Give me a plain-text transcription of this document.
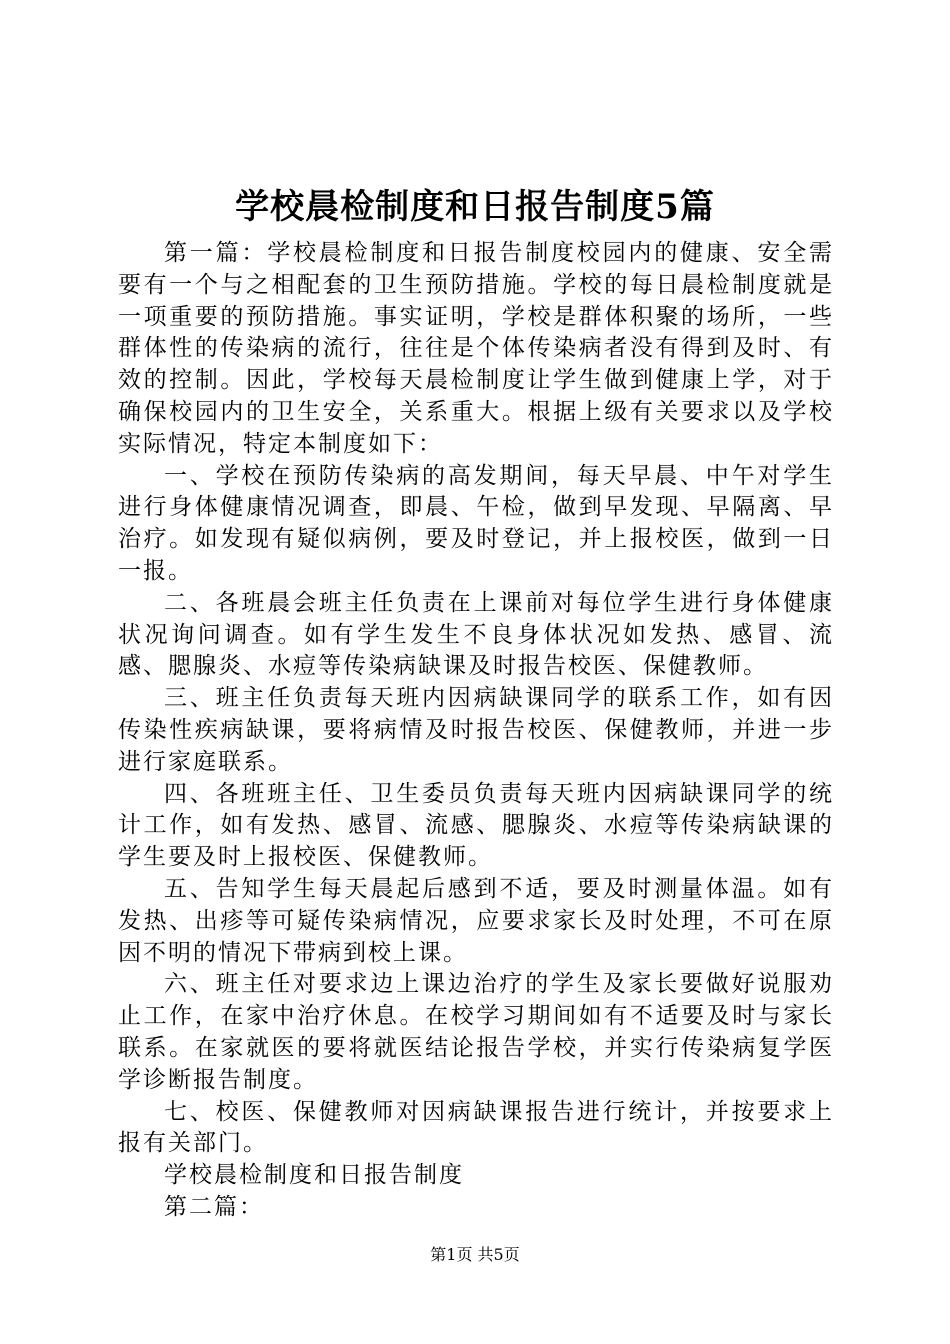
学校晨检制度和日报告制度5篇

第一篇：学校晨检制度和日报告制度校园内的健康、安全需要有一个与之相配套的卫生预防措施。学校的每日晨检制度就是一项重要的预防措施。事实证明，学校是群体积聚的场所，一些群体性的传染病的流行，往往是个体传染病者没有得到及时、有效的控制。因此，学校每天晨检制度让学生做到健康上学，对于确保校园内的卫生安全，关系重大。根据上级有关要求以及学校实际情况，特定本制度如下：

一、学校在预防传染病的高发期间，每天早晨、中午对学生进行身体健康情况调查，即晨、午检，做到早发现、早隔离、早治疗。如发现有疑似病例，要及时登记，并上报校医，做到一日一报。

二、各班晨会班主任负责在上课前对每位学生进行身体健康状况询问调查。如有学生发生不良身体状况如发热、感冒、流感、腮腺炎、水痘等传染病缺课及时报告校医、保健教师。

三、班主任负责每天班内因病缺课同学的联系工作，如有因传染性疾病缺课，要将病情及时报告校医、保健教师，并进一步进行家庭联系。

四、各班班主任、卫生委员负责每天班内因病缺课同学的统计工作，如有发热、感冒、流感、腮腺炎、水痘等传染病缺课的学生要及时上报校医、保健教师。

五、告知学生每天晨起后感到不适，要及时测量体温。如有发热、出疹等可疑传染病情况，应要求家长及时处理，不可在原因不明的情况下带病到校上课。

六、班主任对要求边上课边治疗的学生及家长要做好说服劝止工作，在家中治疗休息。在校学习期间如有不适要及时与家长联系。在家就医的要将就医结论报告学校，并实行传染病复学医学诊断报告制度。

七、校医、保健教师对因病缺课报告进行统计，并按要求上报有关部门。

学校晨检制度和日报告制度

第二篇：

第1页 共5页
